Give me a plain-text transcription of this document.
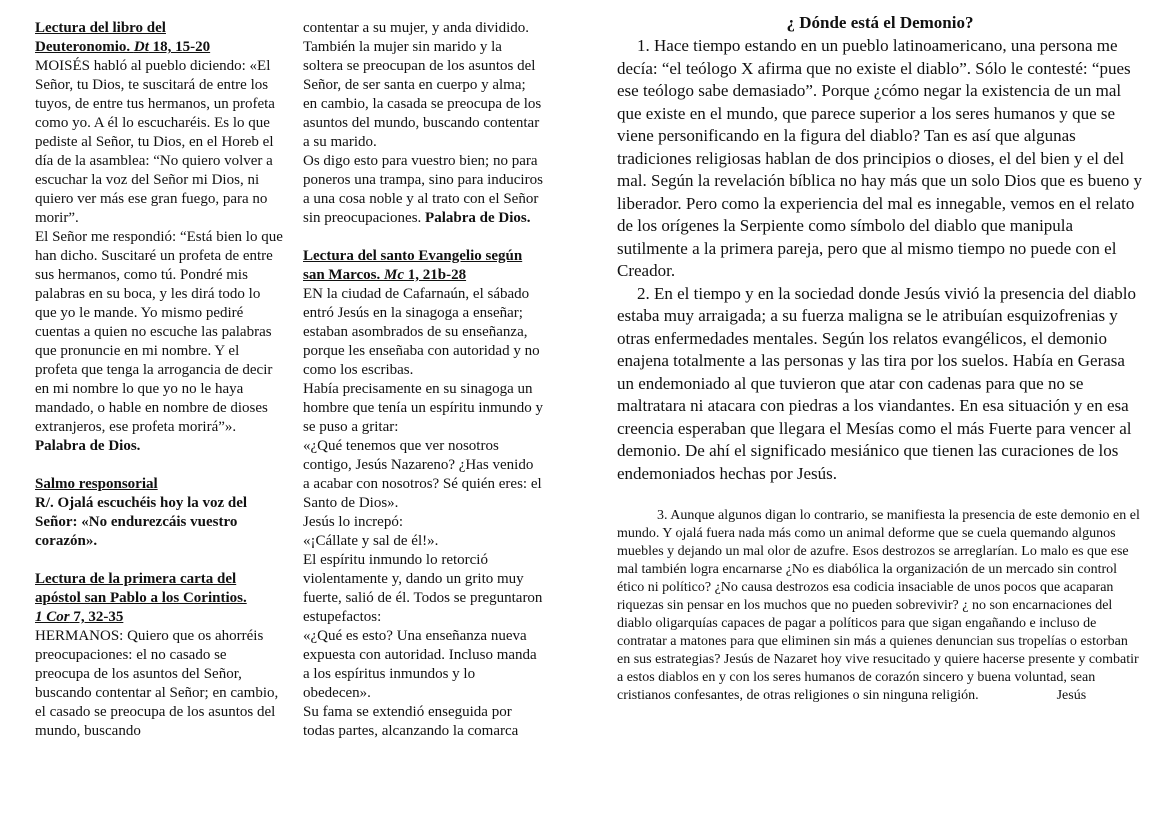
Lectura del libro del
Deuteronomio. Dt 18, 15-20

MOISÉS habló al pueblo diciendo: «El Señor, tu Dios, te suscitará de entre los tuyos, de entre tus hermanos, un profeta como yo. A él lo escucharéis. Es lo que pediste al Señor, tu Dios, en el Horeb el día de la asamblea: “No quiero volver a escuchar la voz del Señor mi Dios, ni quiero ver más ese gran fuego, para no morir”.

El Señor me respondió: “Está bien lo que han dicho. Suscitaré un profeta de entre sus hermanos, como tú. Pondré mis palabras en su boca, y les dirá todo lo que yo le mande. Yo mismo pediré cuentas a quien no escuche las palabras que pronuncie en mi nombre. Y el profeta que tenga la arrogancia de decir en mi nombre lo que yo no le haya mandado, o hable en nombre de dioses extranjeros, ese profeta morirá”».

Palabra de Dios.

Salmo responsorial

R/. Ojalá escuchéis hoy la voz del Señor: «No endurezcáis vuestro corazón».

Lectura de la primera carta del apóstol san Pablo a los Corintios.
1 Cor 7, 32-35

HERMANOS: Quiero que os ahorréis preocupaciones: el no casado se preocupa de los asuntos del Señor, buscando contentar al Señor; en cambio, el casado se preocupa de los asuntos del mundo, buscando

contentar a su mujer, y anda dividido. También la mujer sin marido y la soltera se preocupan de los asuntos del Señor, de ser santa en cuerpo y alma; en cambio, la casada se preocupa de los asuntos del mundo, buscando contentar a su marido.

Os digo esto para vuestro bien; no para poneros una trampa, sino para induciros a una cosa noble y al trato con el Señor sin preocupaciones. Palabra de Dios.

Lectura del santo Evangelio según san Marcos. Mc 1, 21b-28

EN la ciudad de Cafarnaún, el sábado entró Jesús en la sinagoga a enseñar; estaban asombrados de su enseñanza, porque les enseñaba con autoridad y no como los escribas.

Había precisamente en su sinagoga un hombre que tenía un espíritu inmundo y se puso a gritar:

«¿Qué tenemos que ver nosotros contigo, Jesús Nazareno? ¿Has venido a acabar con nosotros? Sé quién eres: el Santo de Dios».

Jesús lo increpó:

«¡Cállate y sal de él!».

El espíritu inmundo lo retorció violentamente y, dando un grito muy fuerte, salió de él. Todos se preguntaron estupefactos:

«¿Qué es esto? Una enseñanza nueva expuesta con autoridad. Incluso manda a los espíritus inmundos y lo obedecen».

Su fama se extendió enseguida por todas partes, alcanzando la comarca

¿ Dónde está el Demonio?

1. Hace tiempo estando en un pueblo latinoamericano, una persona me decía: “el teólogo X afirma que no existe el diablo”. Sólo le contesté: “pues ese teólogo sabe demasiado”. Porque ¿cómo negar la existencia de un mal que existe en el mundo, que parece superior a los seres humanos y que se viene personificando en la figura del diablo? Tan es así que algunas tradiciones religiosas hablan de dos principios o dioses, el del bien y el del mal. Según la revelación bíblica no hay más que un solo Dios que es bueno y liberador. Pero como la experiencia del mal es innegable, vemos en el relato de los orígenes la Serpiente como símbolo del diablo que manipula sutilmente a la primera pareja, pero que al mismo tiempo no puede con el Creador.

2. En el tiempo y en la sociedad donde Jesús vivió la presencia del diablo estaba muy arraigada; a su fuerza maligna se le atribuían esquizofrenias y otras enfermedades mentales. Según los relatos evangélicos, el demonio enajena totalmente a las personas y las tira por los suelos. Había en Gerasa un endemoniado al que tuvieron que atar con cadenas para que no se maltratara ni atacara con piedras a los viandantes. En esa situación y en esa creencia esperaban que llegara el Mesías como el más Fuerte para vencer al demonio. De ahí el significado mesiánico que tienen las curaciones de los endemoniados hechas por Jesús.

3. Aunque algunos digan lo contrario, se manifiesta la presencia de este demonio en el mundo. Y ojalá fuera nada más como un animal deforme que se cuela quemando algunos muebles y dejando un mal olor de azufre. Esos destrozos se arreglarían. Lo malo es que ese mal también logra encarnarse ¿No es diabólica la organización de un mercado sin control ético ni político? ¿No causa destrozos esa codicia insaciable de unos pocos que acaparan riquezas sin pensar en los muchos que no pueden sobrevivir? ¿ no son encarnaciones del diablo oligarquías capaces de pagar a políticos para que sigan engañando e incluso de contratar a matones para que eliminen sin más a quienes denuncian sus tropelías o estorban en sus estrategias? Jesús de Nazaret hoy vive resucitado y quiere hacerse presente y combatir a estos diablos en y con los seres humanos de corazón sincero y buena voluntad, sean cristianos confesantes, de otras religiones o sin ninguna religión.	Jesús
